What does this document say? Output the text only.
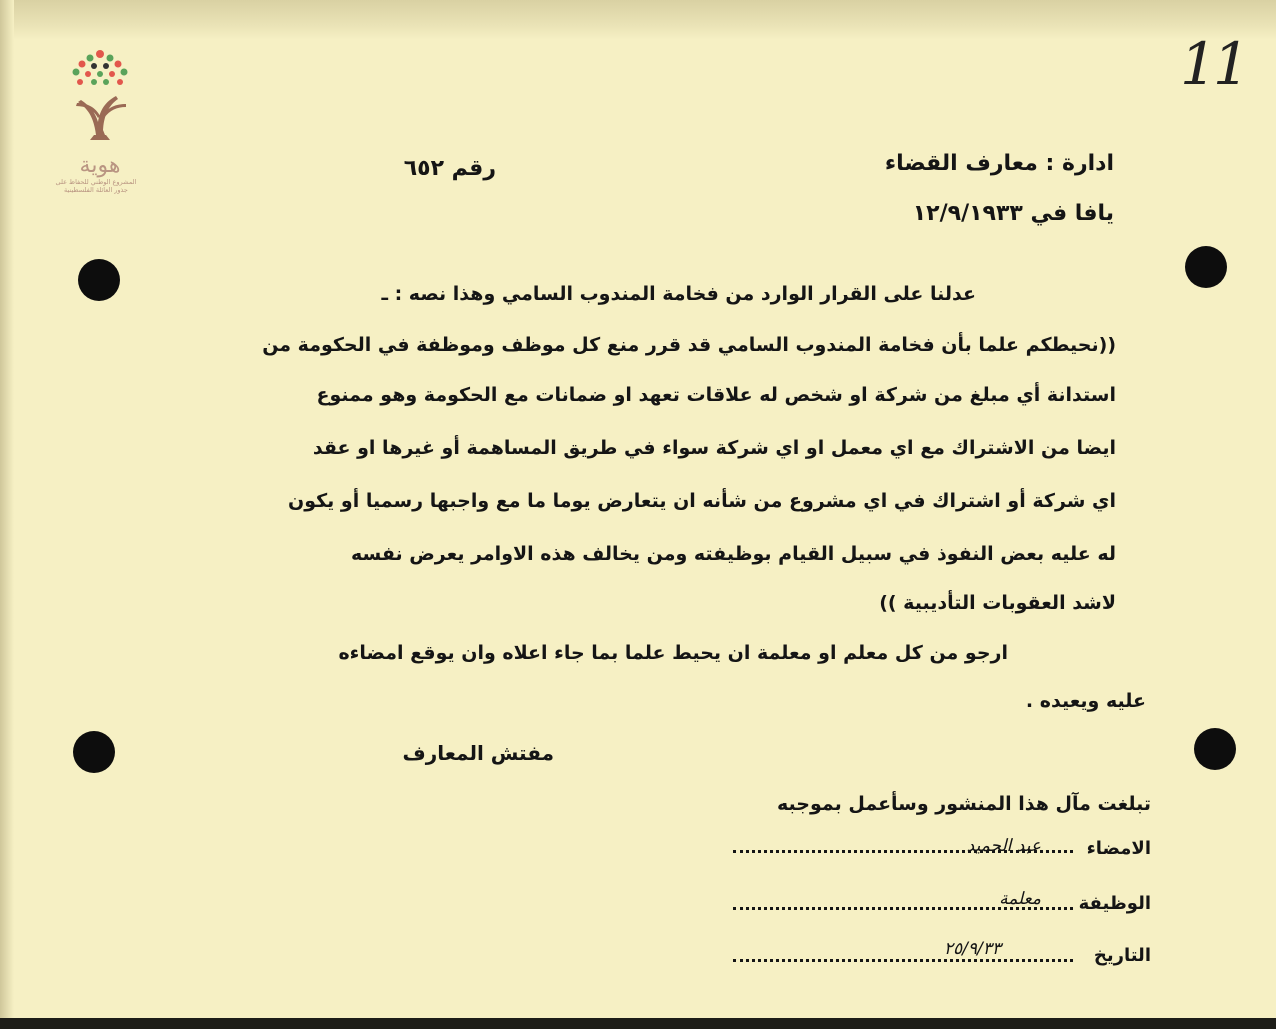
هوية
المشروع الوطني للحفاظ على
جذور العائلة الفلسطينية
11
ادارة : معارف القضاء
رقم ٦٥٢
يافا في ١٢/٩/١٩٣٣
عدلنا على القرار الوارد من فخامة المندوب السامي وهذا نصه : ـ
((نحيطكم علما بأن فخامة المندوب السامي قد قرر منع كل موظف وموظفة في الحكومة من
استدانة أي مبلغ من شركة او شخص له علاقات تعهد او ضمانات مع الحكومة وهو ممنوع
ايضا من الاشتراك مع اي معمل او اي شركة سواء في طريق المساهمة أو غيرها او عقد
اي شركة أو اشتراك في اي مشروع من شأنه ان يتعارض يوما ما مع واجبها رسميا أو يكون
له عليه بعض النفوذ في سبيل القيام بوظيفته ومن يخالف هذه الاوامر يعرض نفسه
لاشد العقوبات التأديبية ))
ارجو من كل معلم او معلمة ان يحيط علما بما جاء اعلاه وان يوقع امضاءه
عليه ويعيده .
مفتش المعارف
تبلغت مآل هذا المنشور وسأعمل بموجبه
الامضاء
عبد الحميد
الوظيفة
معلمة
التاريخ
٢٥/٩/٣٣
